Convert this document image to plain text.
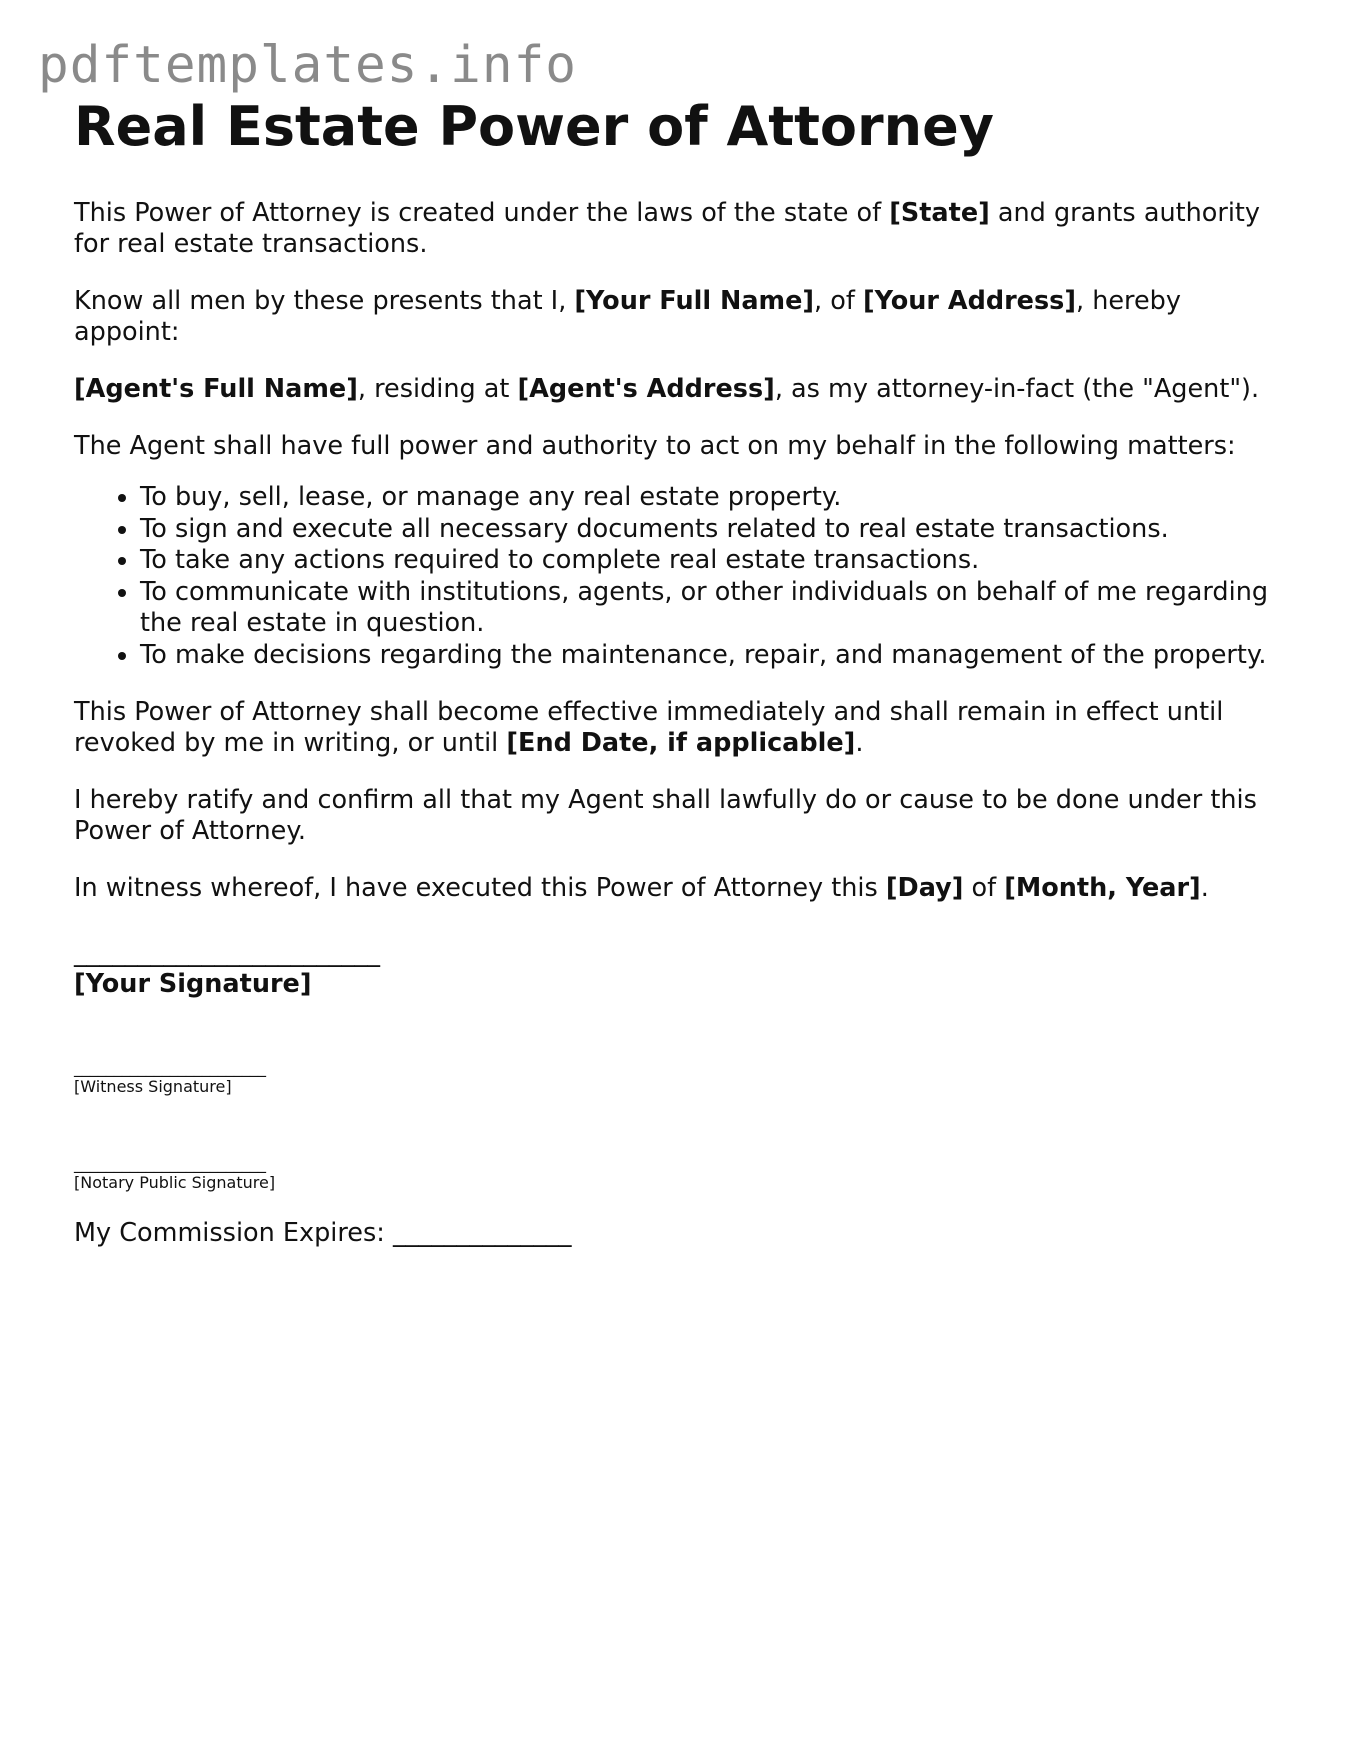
pdftemplates.info
Real Estate Power of Attorney

This Power of Attorney is created under the laws of the state of [State] and grants authority for real estate transactions.

Know all men by these presents that I, [Your Full Name], of [Your Address], hereby appoint:

[Agent's Full Name], residing at [Agent's Address], as my attorney-in-fact (the "Agent").

The Agent shall have full power and authority to act on my behalf in the following matters:

• To buy, sell, lease, or manage any real estate property.
• To sign and execute all necessary documents related to real estate transactions.
• To take any actions required to complete real estate transactions.
• To communicate with institutions, agents, or other individuals on behalf of me regarding the real estate in question.
• To make decisions regarding the maintenance, repair, and management of the property.

This Power of Attorney shall become effective immediately and shall remain in effect until revoked by me in writing, or until [End Date, if applicable].

I hereby ratify and confirm all that my Agent shall lawfully do or cause to be done under this Power of Attorney.

In witness whereof, I have executed this Power of Attorney this [Day] of [Month, Year].

________________________
[Your Signature]
________________________
[Witness Signature]
________________________
[Notary Public Signature]

My Commission Expires: ______________
